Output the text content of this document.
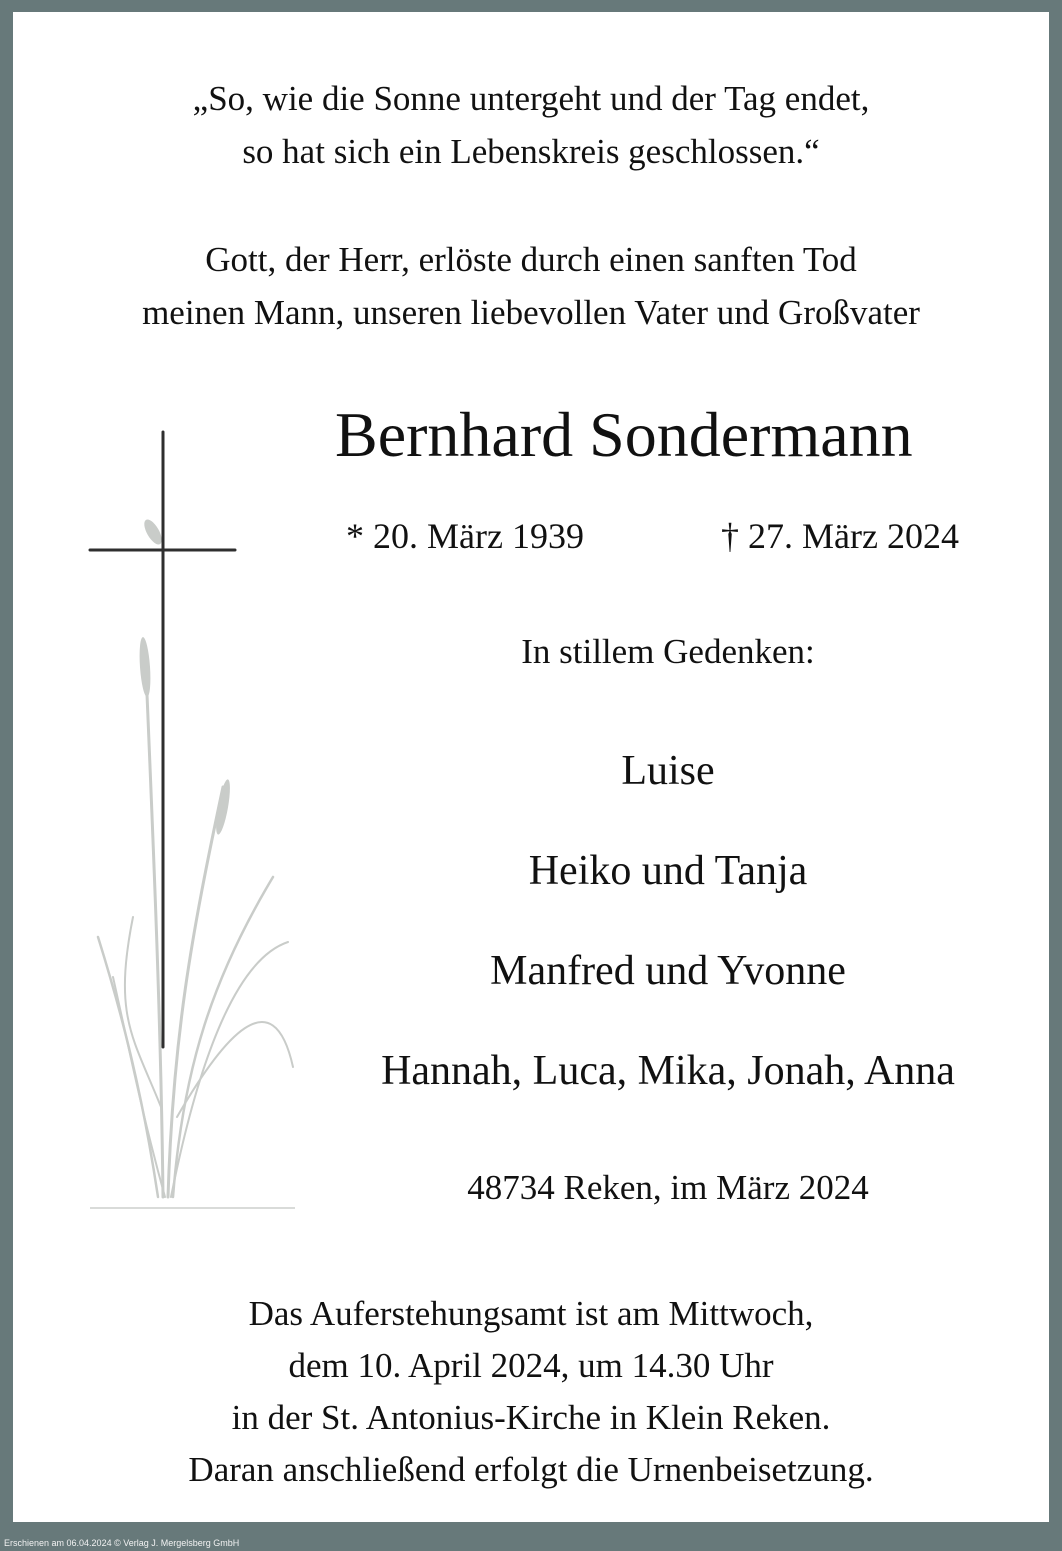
„So, wie die Sonne untergeht und der Tag endet,
so hat sich ein Lebenskreis geschlossen.“
Gott, der Herr, erlöste durch einen sanften Tod
meinen Mann, unseren liebevollen Vater und Großvater
Bernhard Sondermann
* 20. März 1939	† 27. März 2024
In stillem Gedenken:
Luise
Heiko und Tanja
Manfred und Yvonne
Hannah, Luca, Mika, Jonah, Anna
48734 Reken, im März 2024
Das Auferstehungsamt ist am Mittwoch,
dem 10. April 2024, um 14.30 Uhr
in der St. Antonius-Kirche in Klein Reken.
Daran anschließend erfolgt die Urnenbeisetzung.
Erschienen am 06.04.2024 © Verlag J. Mergelsberg GmbH
